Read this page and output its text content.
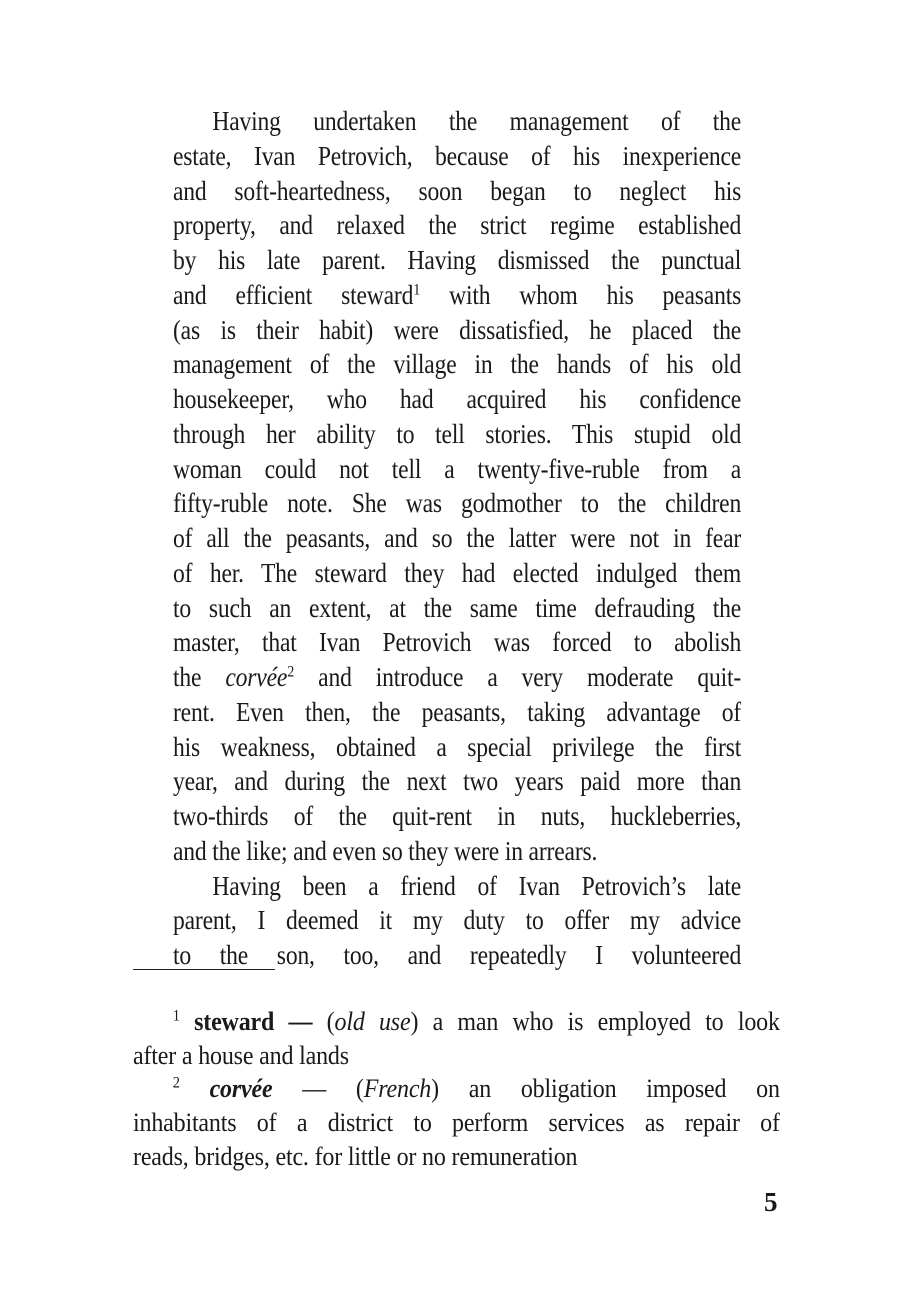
Having undertaken the management of the
estate, Ivan Petrovich, because of his inexperience
and soft-heartedness, soon began to neglect his
property, and relaxed the strict regime established
by his late parent. Having dismissed the punctual
and efficient steward$^1$ with whom his peasants
(as is their habit) were dissatisfied, he placed the
management of the village in the hands of his old
housekeeper, who had acquired his confidence
through her ability to tell stories. This stupid old
woman could not tell a twenty-five-ruble from a
fifty-ruble note. She was godmother to the children
of all the peasants, and so the latter were not in fear
of her. The steward they had elected indulged them
to such an extent, at the same time defrauding the
master, that Ivan Petrovich was forced to abolish
the corvée$^2$ and introduce a very moderate quit-
rent. Even then, the peasants, taking advantage of
his weakness, obtained a special privilege the first
year, and during the next two years paid more than
two-thirds of the quit-rent in nuts, huckleberries,
and the like; and even so they were in arrears.
Having been a friend of Ivan Petrovich’s late
parent, I deemed it my duty to offer my advice
to the son, too, and repeatedly I volunteered
$^1$ steward — (old use) a man who is employed to look
after a house and lands
$^2$ corvée — (French) an obligation imposed on
inhabitants of a district to perform services as repair of
reads, bridges, etc. for little or no remuneration
5
